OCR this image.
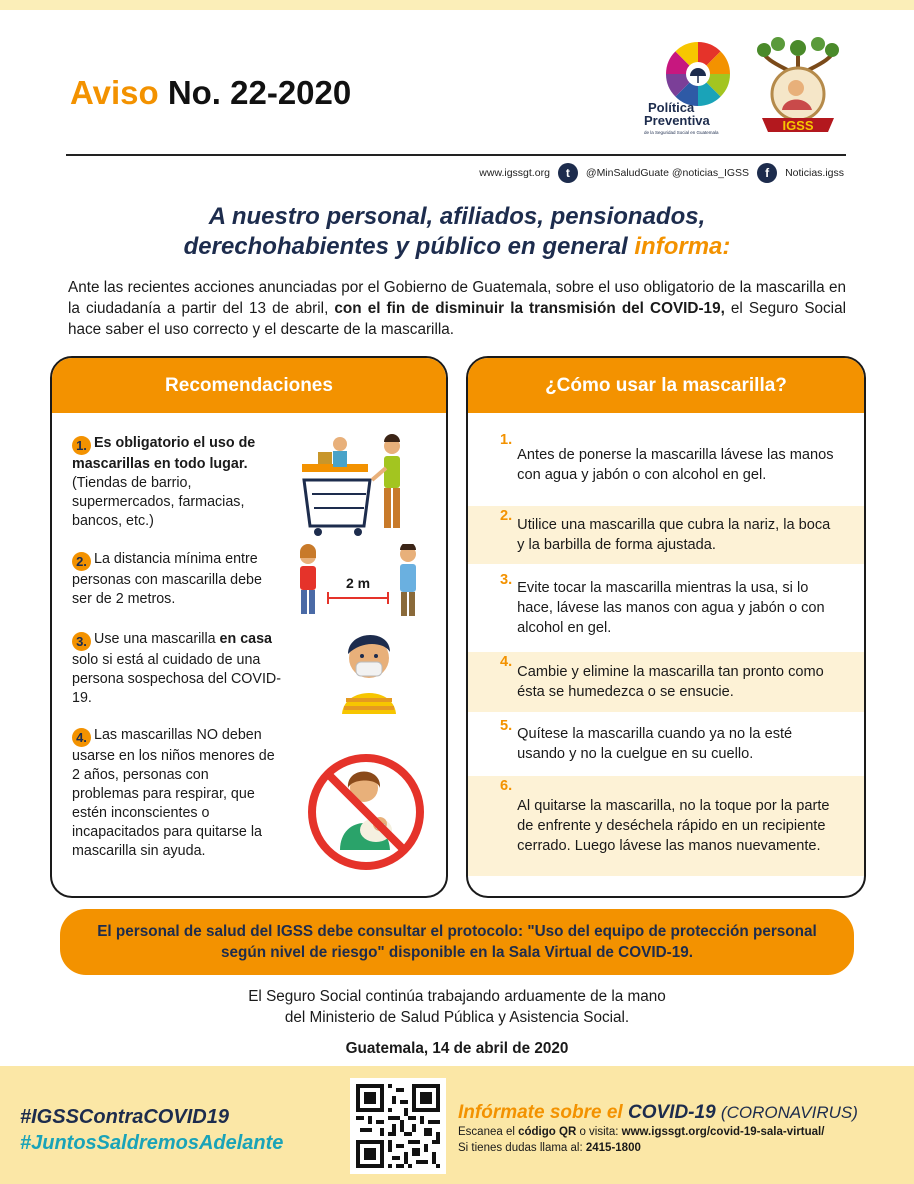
Aviso No. 22-2020	Política
Preventiva
de la Seguridad Social en Guatemala	IGSS
www.igssgt.org	t	@MinSaludGuate @noticias_IGSS	f	Noticias.igss
A nuestro personal, afiliados, pensionados,
derechohabientes y público en general informa:
Ante las recientes acciones anunciadas por el Gobierno de Guatemala, sobre el uso obligatorio de la mascarilla en la ciudadanía a partir del 13 de abril, con el fin de disminuir la transmisión del COVID-19, el Seguro Social hace saber el uso correcto y el descarte de la mascarilla.
Recomendaciones
1. Es obligatorio el uso de mascarillas en todo lugar. (Tiendas de barrio, supermercados, farmacias, bancos, etc.)
2. La distancia mínima entre personas con mascarilla debe ser de 2 metros.
3. Use una mascarilla en casa solo si está al cuidado de una persona sospechosa del COVID-19.
4. Las mascarillas NO deben usarse en los niños menores de 2 años, personas con problemas para respirar, que estén inconscientes o incapacitados para quitarse la mascarilla sin ayuda.
2 m
¿Cómo usar la mascarilla?
1.
Antes de ponerse la mascarilla lávese las manos con agua y jabón o con alcohol en gel.
2.
Utilice una mascarilla que cubra la nariz, la boca y la barbilla de forma ajustada.
3. Evite tocar la mascarilla mientras la usa, si lo hace, lávese las manos con agua y jabón o con alcohol en gel.
4.
Cambie y elimine la mascarilla tan pronto como ésta se humedezca o se ensucie.
5. Quítese la mascarilla cuando ya no la esté usando y no la cuelgue en su cuello.
6.
Al quitarse la mascarilla, no la toque por la parte de enfrente y deséchela rápido en un recipiente cerrado. Luego lávese las manos nuevamente.
El personal de salud del IGSS debe consultar el protocolo: "Uso del equipo de protección personal según nivel de riesgo" disponible en la Sala Virtual de COVID-19.
El Seguro Social continúa trabajando arduamente de la mano
del Ministerio de Salud Pública y Asistencia Social.
Guatemala, 14 de abril de 2020
#IGSSContraCOVID19
#JuntosSaldremosAdelante
Infórmate sobre el COVID-19 (CORONAVIRUS)
Escanea el código QR o visita: www.igssgt.org/covid-19-sala-virtual/
Si tienes dudas llama al: 2415-1800
